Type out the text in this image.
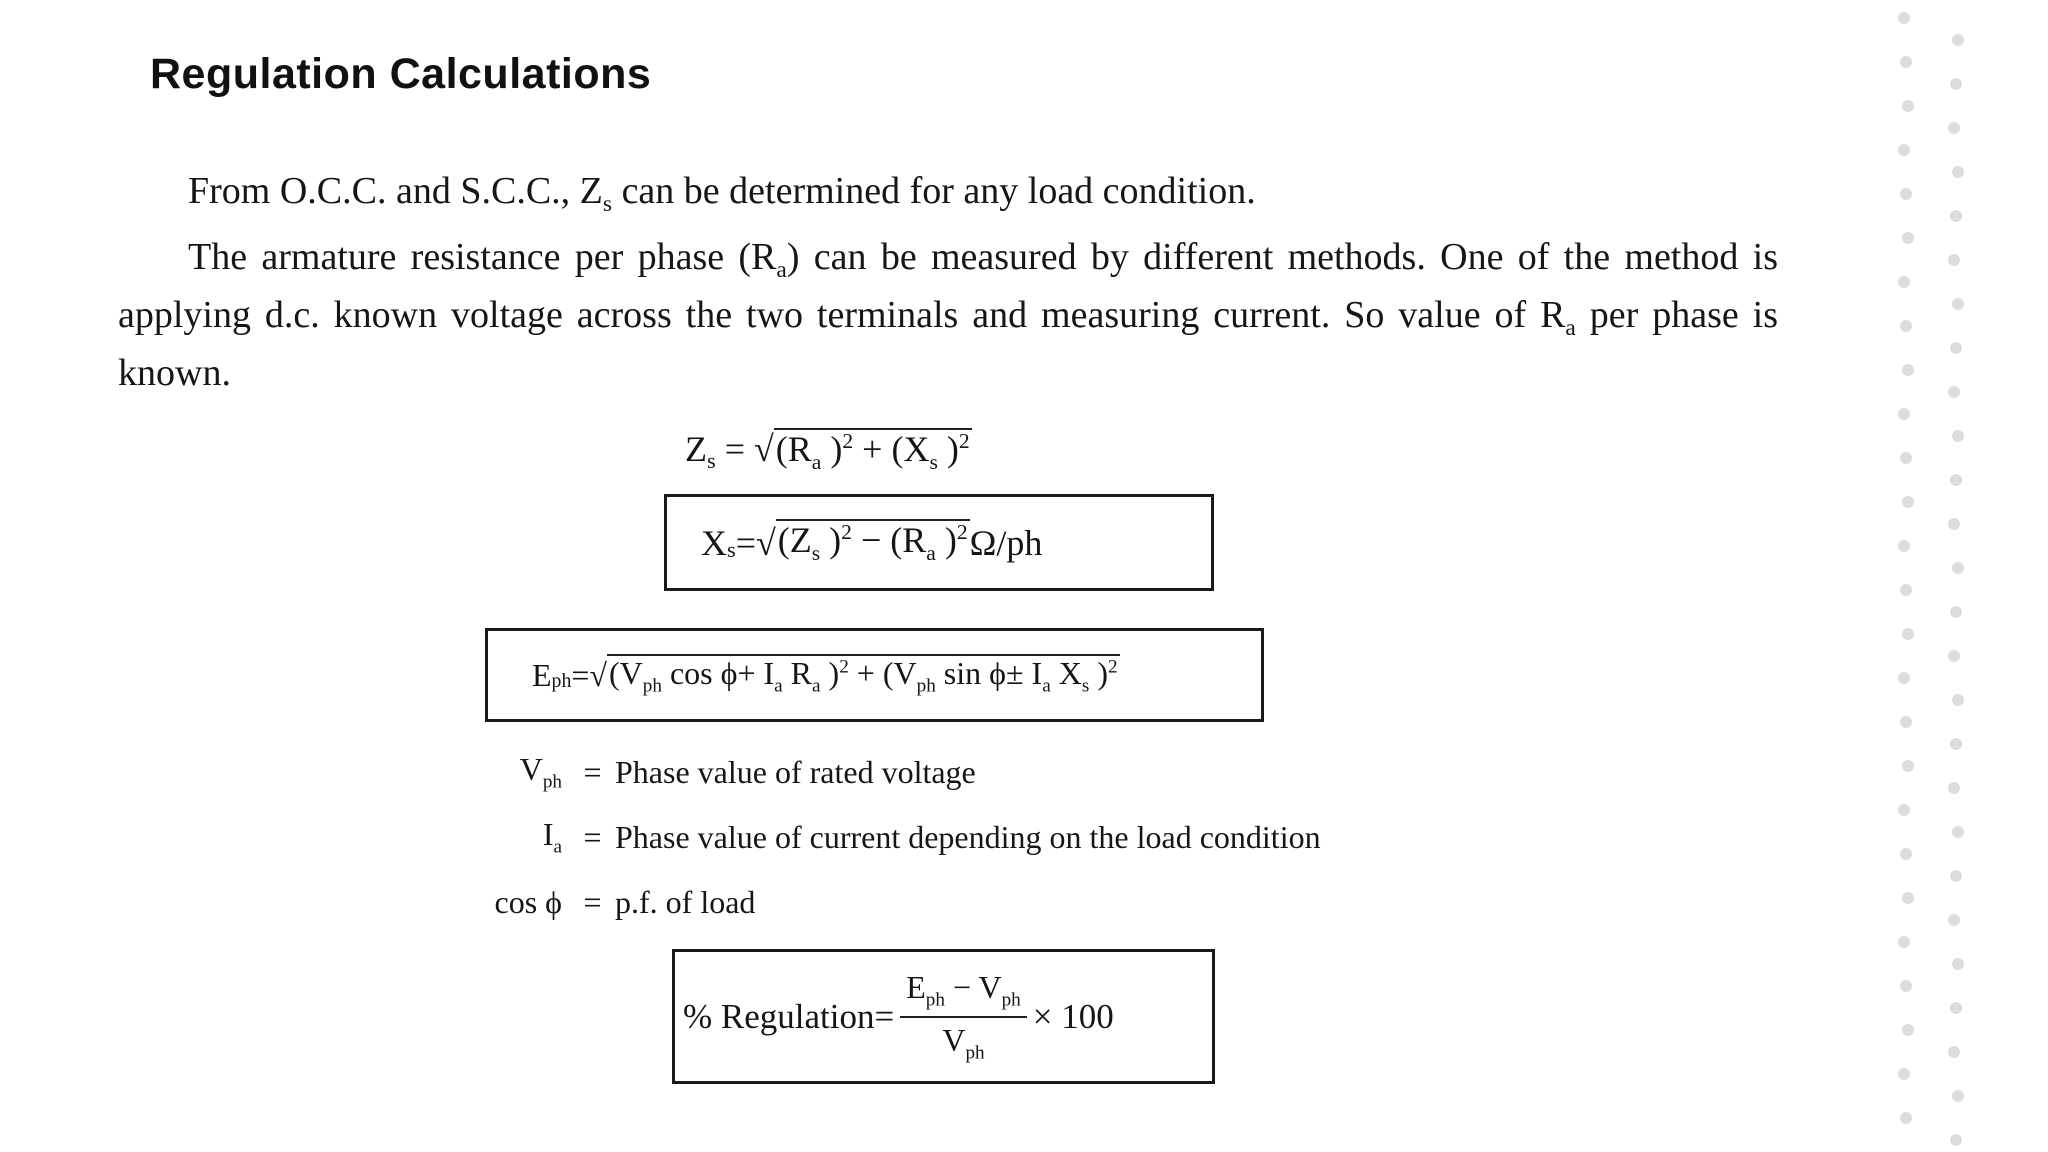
Regulation Calculations
From O.C.C. and S.C.C., $Z_s$ can be determined for any load condition.
The armature resistance per phase $(R_a)$ can be measured by different methods. One of the method is applying d.c. known voltage across the two terminals and measuring current. So value of $R_a$ per phase is known.
$Z_s = √(R_a$ )$^2 + (X_s$ )$^2$
X s = √ ($Z_s$ )$^2 - (R_a$ )$^2$ Ω/ph
E ph = √ ($V_{ph}$ $\cos \phi+ I_a$ $R_a$ )$^2 + (V_{ph}$ $\sin \phi\pm I_a$ $X_s$ )$^2$
$V_{ph}$ = Phase value of rated voltage
$I_a$ = Phase value of current depending on the load condition
cos ϕ = p.f. of load
% Regulation = $\frac{E_{ph} - V_{ph}}{V_{ph}} \times 100$
